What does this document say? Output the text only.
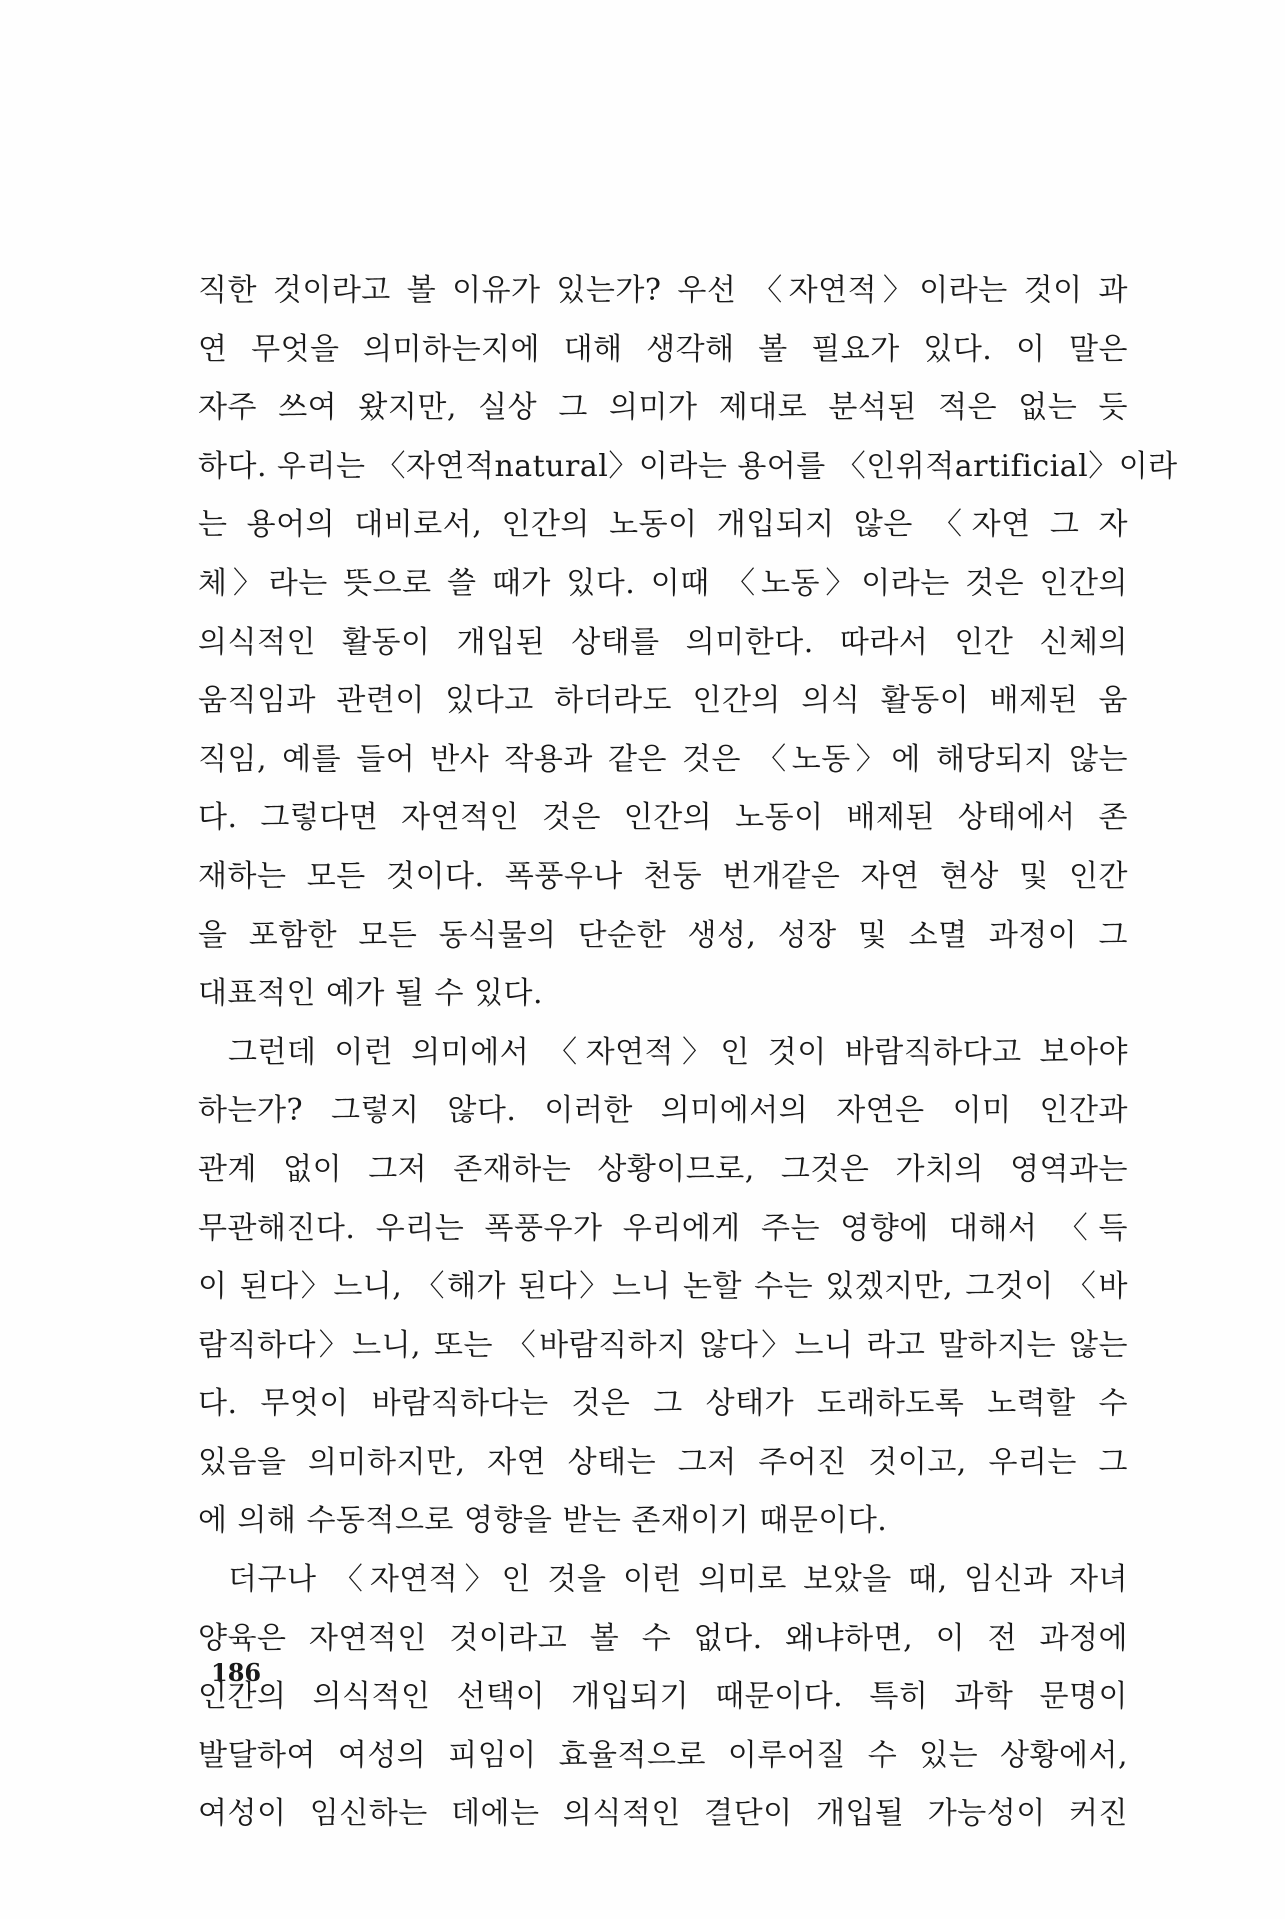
직한 것이라고 볼 이유가 있는가? 우선 〈자연적〉이라는 것이 과
연 무엇을 의미하는지에 대해 생각해 볼 필요가 있다. 이 말은
자주 쓰여 왔지만, 실상 그 의미가 제대로 분석된 적은 없는 듯
하다. 우리는 〈자연적natural〉이라는 용어를 〈인위적artificial〉이라
는 용어의 대비로서, 인간의 노동이 개입되지 않은 〈자연 그 자
체〉라는 뜻으로 쓸 때가 있다. 이때 〈노동〉이라는 것은 인간의
의식적인 활동이 개입된 상태를 의미한다. 따라서 인간 신체의
움직임과 관련이 있다고 하더라도 인간의 의식 활동이 배제된 움
직임, 예를 들어 반사 작용과 같은 것은 〈노동〉에 해당되지 않는
다. 그렇다면 자연적인 것은 인간의 노동이 배제된 상태에서 존
재하는 모든 것이다. 폭풍우나 천둥 번개같은 자연 현상 및 인간
을 포함한 모든 동식물의 단순한 생성, 성장 및 소멸 과정이 그
대표적인 예가 될 수 있다.
그런데 이런 의미에서 〈자연적〉인 것이 바람직하다고 보아야
하는가? 그렇지 않다. 이러한 의미에서의 자연은 이미 인간과
관계 없이 그저 존재하는 상황이므로, 그것은 가치의 영역과는
무관해진다. 우리는 폭풍우가 우리에게 주는 영향에 대해서 〈득
이 된다〉느니, 〈해가 된다〉느니 논할 수는 있겠지만, 그것이 〈바
람직하다〉느니, 또는 〈바람직하지 않다〉느니 라고 말하지는 않는
다. 무엇이 바람직하다는 것은 그 상태가 도래하도록 노력할 수
있음을 의미하지만, 자연 상태는 그저 주어진 것이고, 우리는 그
에 의해 수동적으로 영향을 받는 존재이기 때문이다.
더구나 〈자연적〉인 것을 이런 의미로 보았을 때, 임신과 자녀
양육은 자연적인 것이라고 볼 수 없다. 왜냐하면, 이 전 과정에
인간의 의식적인 선택이 개입되기 때문이다. 특히 과학 문명이
발달하여 여성의 피임이 효율적으로 이루어질 수 있는 상황에서,
여성이 임신하는 데에는 의식적인 결단이 개입될 가능성이 커진
186
